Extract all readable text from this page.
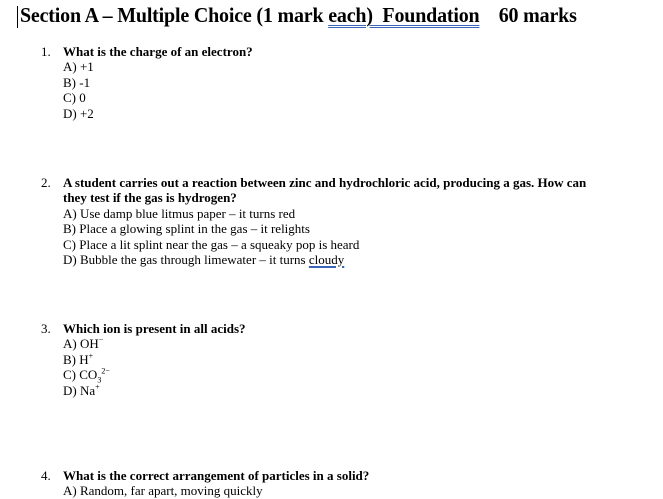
Section A – Multiple Choice (1 mark each)  Foundation    60 marks
1. What is the charge of an electron?
A) +1
B) -1
C) 0
D) +2
2. A student carries out a reaction between zinc and hydrochloric acid, producing a gas. How can
they test if the gas is hydrogen?
A) Use damp blue litmus paper – it turns red
B) Place a glowing splint in the gas – it relights
C) Place a lit splint near the gas – a squeaky pop is heard
D) Bubble the gas through limewater – it turns cloudy
3. Which ion is present in all acids?
A) OH−
B) H+
C) $CO_3^{2-}$
D) Na+
4. What is the correct arrangement of particles in a solid?
A) Random, far apart, moving quickly
